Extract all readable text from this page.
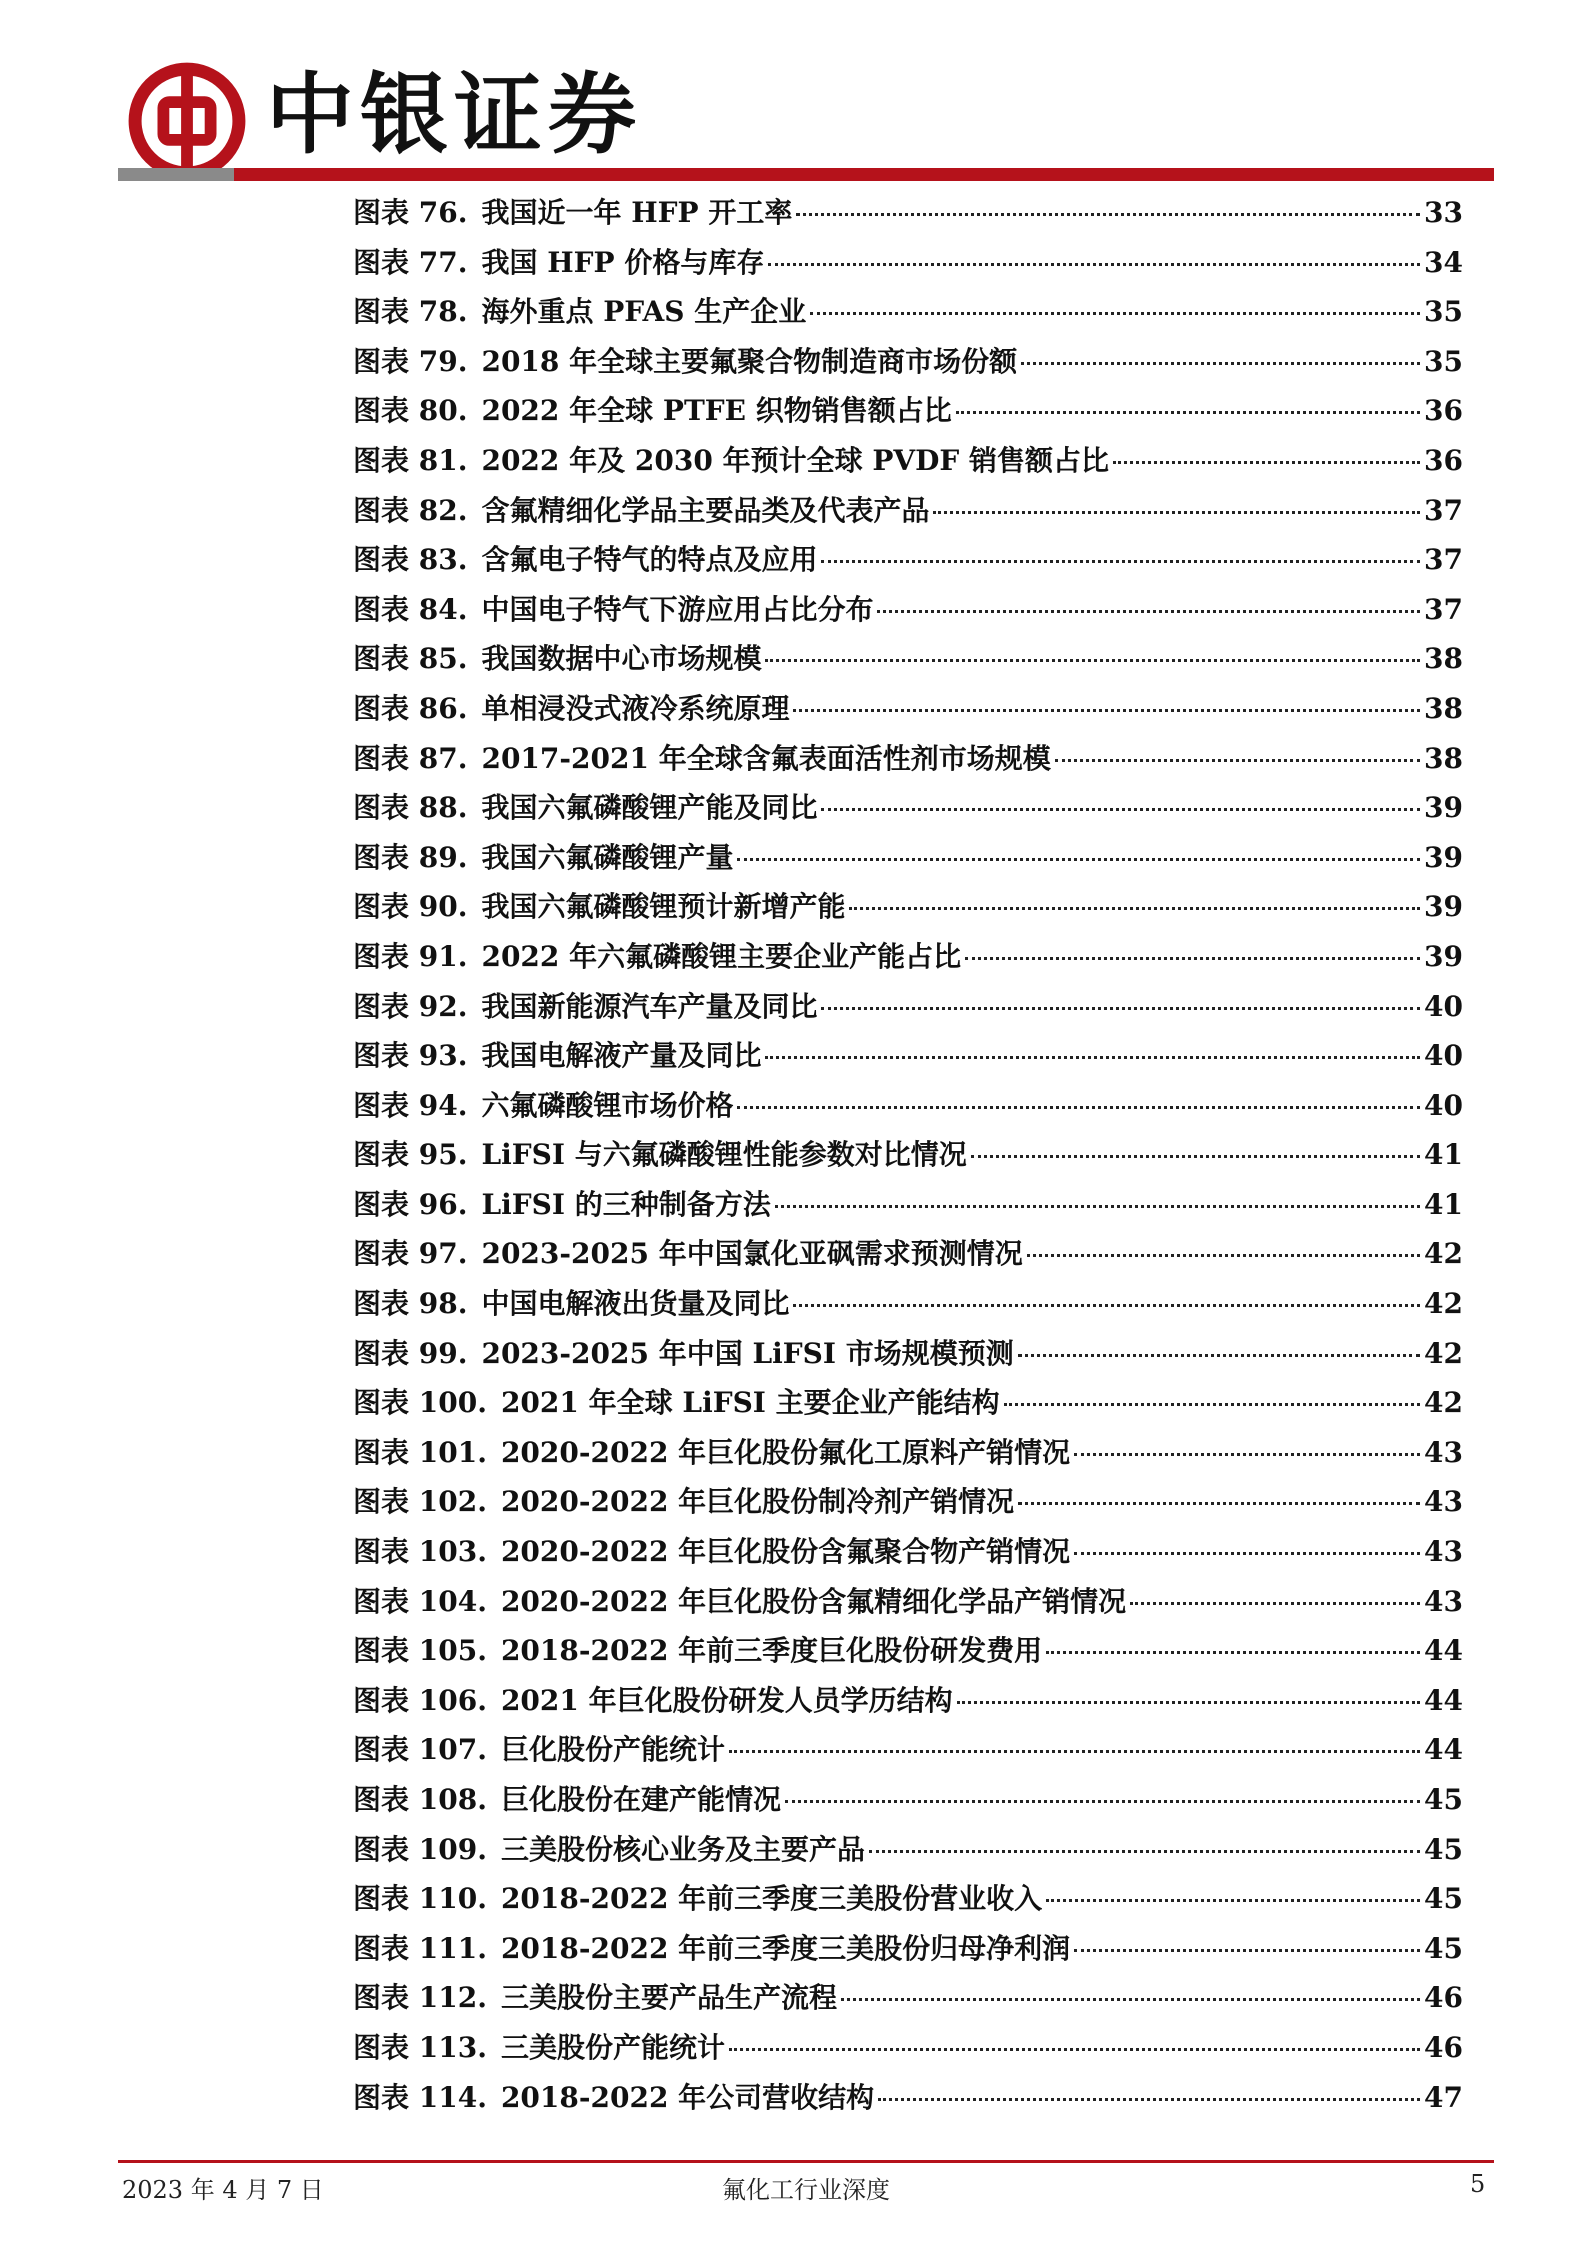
中银证券
图表 76. 我国近一年 HFP 开工率	33
图表 77. 我国 HFP 价格与库存	34
图表 78. 海外重点 PFAS 生产企业	35
图表 79. 2018 年全球主要氟聚合物制造商市场份额	35
图表 80. 2022 年全球 PTFE 织物销售额占比	36
图表 81. 2022 年及 2030 年预计全球 PVDF 销售额占比	36
图表 82. 含氟精细化学品主要品类及代表产品	37
图表 83. 含氟电子特气的特点及应用	37
图表 84. 中国电子特气下游应用占比分布	37
图表 85. 我国数据中心市场规模	38
图表 86. 单相浸没式液冷系统原理	38
图表 87. 2017-2021 年全球含氟表面活性剂市场规模	38
图表 88. 我国六氟磷酸锂产能及同比	39
图表 89. 我国六氟磷酸锂产量	39
图表 90. 我国六氟磷酸锂预计新增产能	39
图表 91. 2022 年六氟磷酸锂主要企业产能占比	39
图表 92. 我国新能源汽车产量及同比	40
图表 93. 我国电解液产量及同比	40
图表 94. 六氟磷酸锂市场价格	40
图表 95. LiFSI 与六氟磷酸锂性能参数对比情况	41
图表 96. LiFSI 的三种制备方法	41
图表 97. 2023-2025 年中国氯化亚砜需求预测情况	42
图表 98. 中国电解液出货量及同比	42
图表 99. 2023-2025 年中国 LiFSI 市场规模预测	42
图表 100. 2021 年全球 LiFSI 主要企业产能结构	42
图表 101. 2020-2022 年巨化股份氟化工原料产销情况	43
图表 102. 2020-2022 年巨化股份制冷剂产销情况	43
图表 103. 2020-2022 年巨化股份含氟聚合物产销情况	43
图表 104. 2020-2022 年巨化股份含氟精细化学品产销情况	43
图表 105. 2018-2022 年前三季度巨化股份研发费用	44
图表 106. 2021 年巨化股份研发人员学历结构	44
图表 107. 巨化股份产能统计	44
图表 108. 巨化股份在建产能情况	45
图表 109. 三美股份核心业务及主要产品	45
图表 110. 2018-2022 年前三季度三美股份营业收入	45
图表 111. 2018-2022 年前三季度三美股份归母净利润	45
图表 112. 三美股份主要产品生产流程	46
图表 113. 三美股份产能统计	46
图表 114. 2018-2022 年公司营收结构	47
2023 年 4 月 7 日	氟化工行业深度	5
